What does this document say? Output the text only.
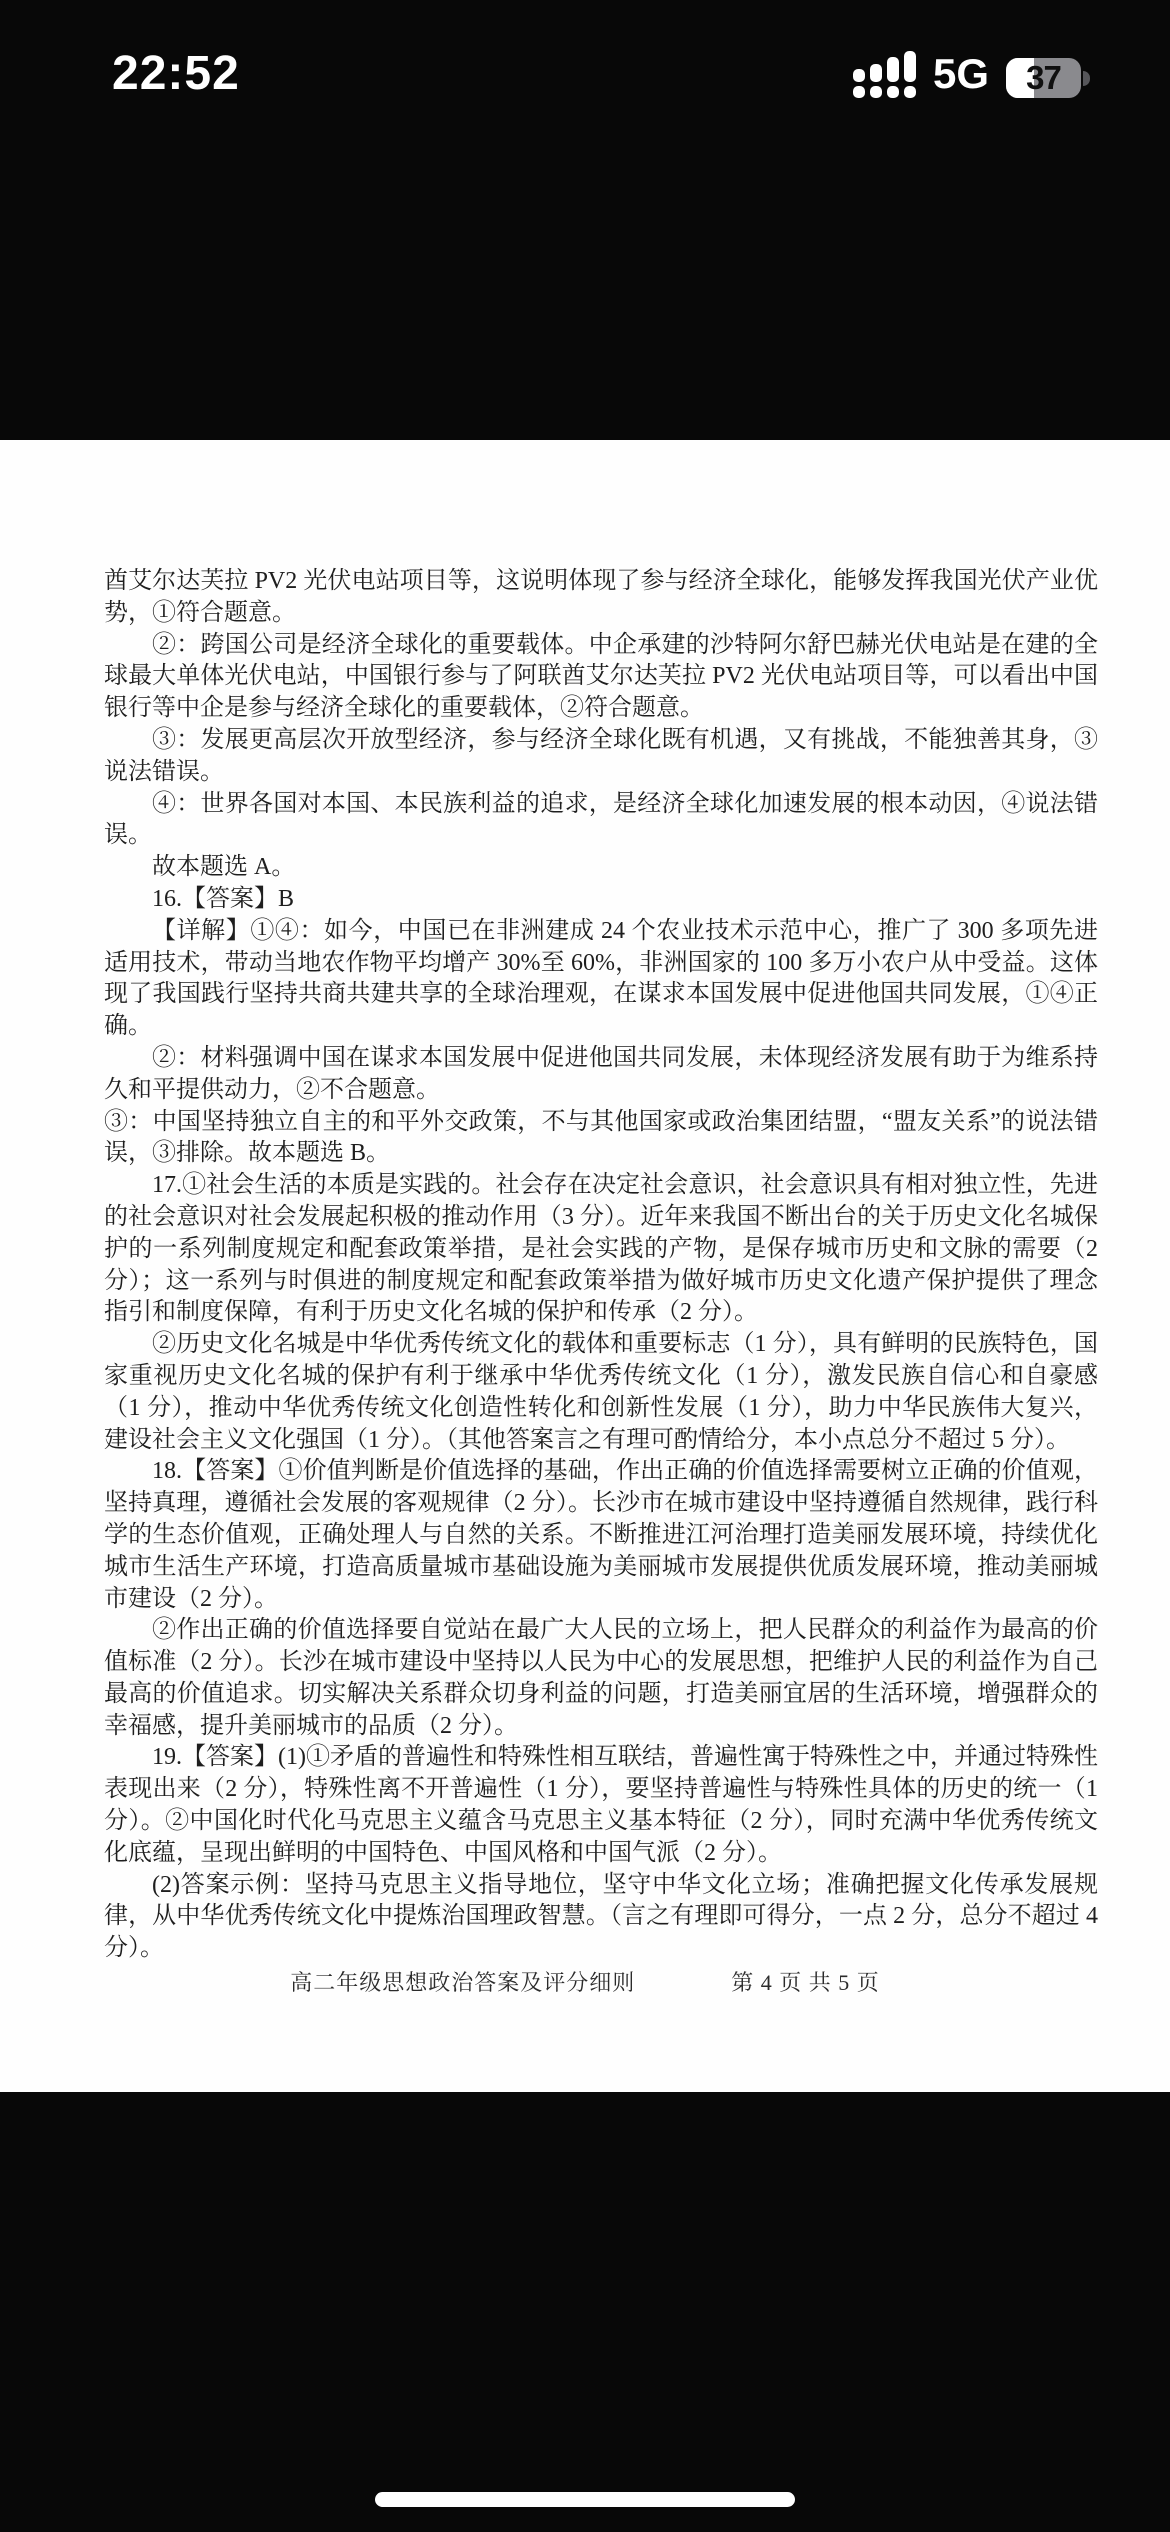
22:52	5G	37

酋艾尔达芙拉 PV2 光伏电站项目等，这说明体现了参与经济全球化，能够发挥我国光伏产业优势，①符合题意。

②：跨国公司是经济全球化的重要载体。中企承建的沙特阿尔舒巴赫光伏电站是在建的全球最大单体光伏电站，中国银行参与了阿联酋艾尔达芙拉 PV2 光伏电站项目等，可以看出中国银行等中企是参与经济全球化的重要载体，②符合题意。

③：发展更高层次开放型经济，参与经济全球化既有机遇，又有挑战，不能独善其身，③说法错误。

④：世界各国对本国、本民族利益的追求，是经济全球化加速发展的根本动因，④说法错误。

故本题选 A。

16.【答案】B

【详解】①④：如今，中国已在非洲建成 24 个农业技术示范中心，推广了 300 多项先进适用技术，带动当地农作物平均增产 30%至 60%，非洲国家的 100 多万小农户从中受益。这体现了我国践行坚持共商共建共享的全球治理观，在谋求本国发展中促进他国共同发展，①④正确。

②：材料强调中国在谋求本国发展中促进他国共同发展，未体现经济发展有助于为维系持久和平提供动力，②不合题意。

③：中国坚持独立自主的和平外交政策，不与其他国家或政治集团结盟，“盟友关系”的说法错误，③排除。故本题选 B。

17.①社会生活的本质是实践的。社会存在决定社会意识，社会意识具有相对独立性，先进的社会意识对社会发展起积极的推动作用（3 分）。近年来我国不断出台的关于历史文化名城保护的一系列制度规定和配套政策举措，是社会实践的产物，是保存城市历史和文脉的需要（2 分）；这一系列与时俱进的制度规定和配套政策举措为做好城市历史文化遗产保护提供了理念指引和制度保障，有利于历史文化名城的保护和传承（2 分）。

②历史文化名城是中华优秀传统文化的载体和重要标志（1 分），具有鲜明的民族特色，国家重视历史文化名城的保护有利于继承中华优秀传统文化（1 分），激发民族自信心和自豪感（1 分），推动中华优秀传统文化创造性转化和创新性发展（1 分），助力中华民族伟大复兴，建设社会主义文化强国（1 分）。（其他答案言之有理可酌情给分，本小点总分不超过 5 分）。

18.【答案】①价值判断是价值选择的基础，作出正确的价值选择需要树立正确的价值观，坚持真理，遵循社会发展的客观规律（2 分）。长沙市在城市建设中坚持遵循自然规律，践行科学的生态价值观，正确处理人与自然的关系。不断推进江河治理打造美丽发展环境，持续优化城市生活生产环境，打造高质量城市基础设施为美丽城市发展提供优质发展环境，推动美丽城市建设（2 分）。

②作出正确的价值选择要自觉站在最广大人民的立场上，把人民群众的利益作为最高的价值标准（2 分）。长沙在城市建设中坚持以人民为中心的发展思想，把维护人民的利益作为自己最高的价值追求。切实解决关系群众切身利益的问题，打造美丽宜居的生活环境，增强群众的幸福感，提升美丽城市的品质（2 分）。

19.【答案】(1)①矛盾的普遍性和特殊性相互联结，普遍性寓于特殊性之中，并通过特殊性表现出来（2 分），特殊性离不开普遍性（1 分），要坚持普遍性与特殊性具体的历史的统一（1 分）。②中国化时代化马克思主义蕴含马克思主义基本特征（2 分），同时充满中华优秀传统文化底蕴，呈现出鲜明的中国特色、中国风格和中国气派（2 分）。

(2)答案示例：坚持马克思主义指导地位，坚守中华文化立场；准确把握文化传承发展规律，从中华优秀传统文化中提炼治国理政智慧。（言之有理即可得分，一点 2 分，总分不超过 4 分）。

高二年级思想政治答案及评分细则	第 4 页 共 5 页
